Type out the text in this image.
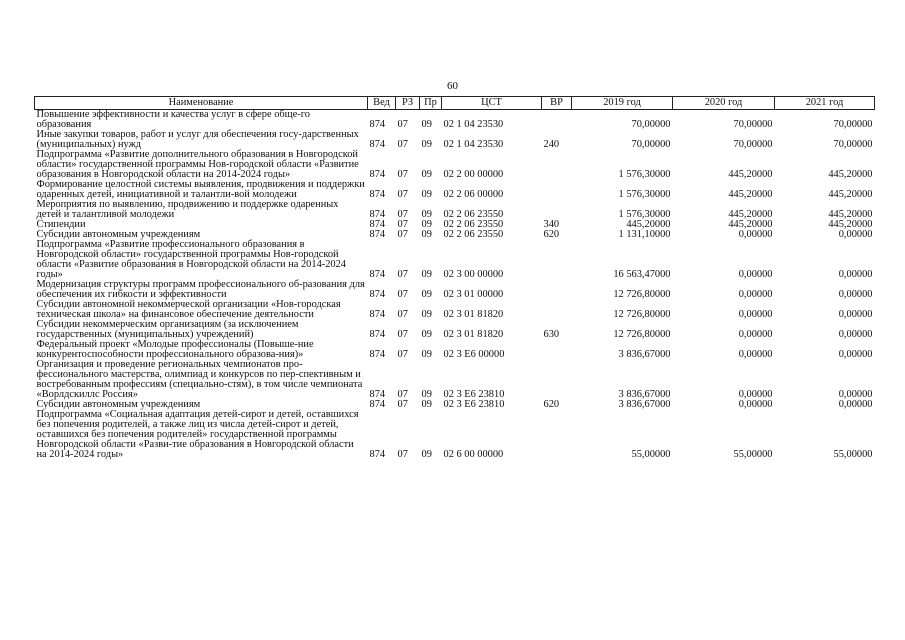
60
Наименование	Вед	РЗ	Пр	ЦСТ	ВР	2019 год	2020 год	2021 год
Повышение эффективности и качества услуг в сфере обще-го образования	874	07	09	02 1 04 23530		70,00000	70,00000	70,00000
Иные закупки товаров, работ и услуг для обеспечения госу-дарственных (муниципальных) нужд	874	07	09	02 1 04 23530	240	70,00000	70,00000	70,00000
Подпрограмма «Развитие дополнительного образования в Новгородской области» государственной программы Нов-городской области «Развитие образования в Новгородской области на 2014-2024 годы»	874	07	09	02 2 00 00000		1 576,30000	445,20000	445,20000
Формирование целостной системы выявления, продвижения и поддержки одаренных детей, инициативной и талантли-вой молодежи	874	07	09	02 2 06 00000		1 576,30000	445,20000	445,20000
Мероприятия по выявлению, продвижению и поддержке одаренных детей и талантливой молодежи	874	07	09	02 2 06 23550		1 576,30000	445,20000	445,20000
Стипендии	874	07	09	02 2 06 23550	340	445,20000	445,20000	445,20000
Субсидии автономным учреждениям	874	07	09	02 2 06 23550	620	1 131,10000	0,00000	0,00000
Подпрограмма «Развитие профессионального образования в Новгородской области» государственной программы Нов-городской области «Развитие образования в Новгородской области на 2014-2024 годы»	874	07	09	02 3 00 00000		16 563,47000	0,00000	0,00000
Модернизация структуры программ профессионального об-разования для обеспечения их гибкости и эффективности	874	07	09	02 3 01 00000		12 726,80000	0,00000	0,00000
Субсидии автономной некоммерческой организации «Нов-городская техническая школа» на финансовое обеспечение деятельности	874	07	09	02 3 01 81820		12 726,80000	0,00000	0,00000
Субсидии некоммерческим организациям (за исключением государственных (муниципальных) учреждений)	874	07	09	02 3 01 81820	630	12 726,80000	0,00000	0,00000
Федеральный проект «Молодые профессионалы (Повыше-ние конкурентоспособности профессионального образова-ния)»	874	07	09	02 3 E6 00000		3 836,67000	0,00000	0,00000
Организация и проведение региональных чемпионатов про-фессионального мастерства, олимпиад и конкурсов по пер-спективным и востребованным профессиям (специально-стям), в том числе чемпионата «Ворлдскиллс Россия»	874	07	09	02 3 E6 23810		3 836,67000	0,00000	0,00000
Субсидии автономным учреждениям	874	07	09	02 3 E6 23810	620	3 836,67000	0,00000	0,00000
Подпрограмма «Социальная адаптация детей-сирот и детей, оставшихся без попечения родителей, а также лиц из числа детей-сирот и детей, оставшихся без попечения родителей» государственной программы Новгородской области «Разви-тие образования в Новгородской области на 2014-2024 годы»	874	07	09	02 6 00 00000		55,00000	55,00000	55,00000
